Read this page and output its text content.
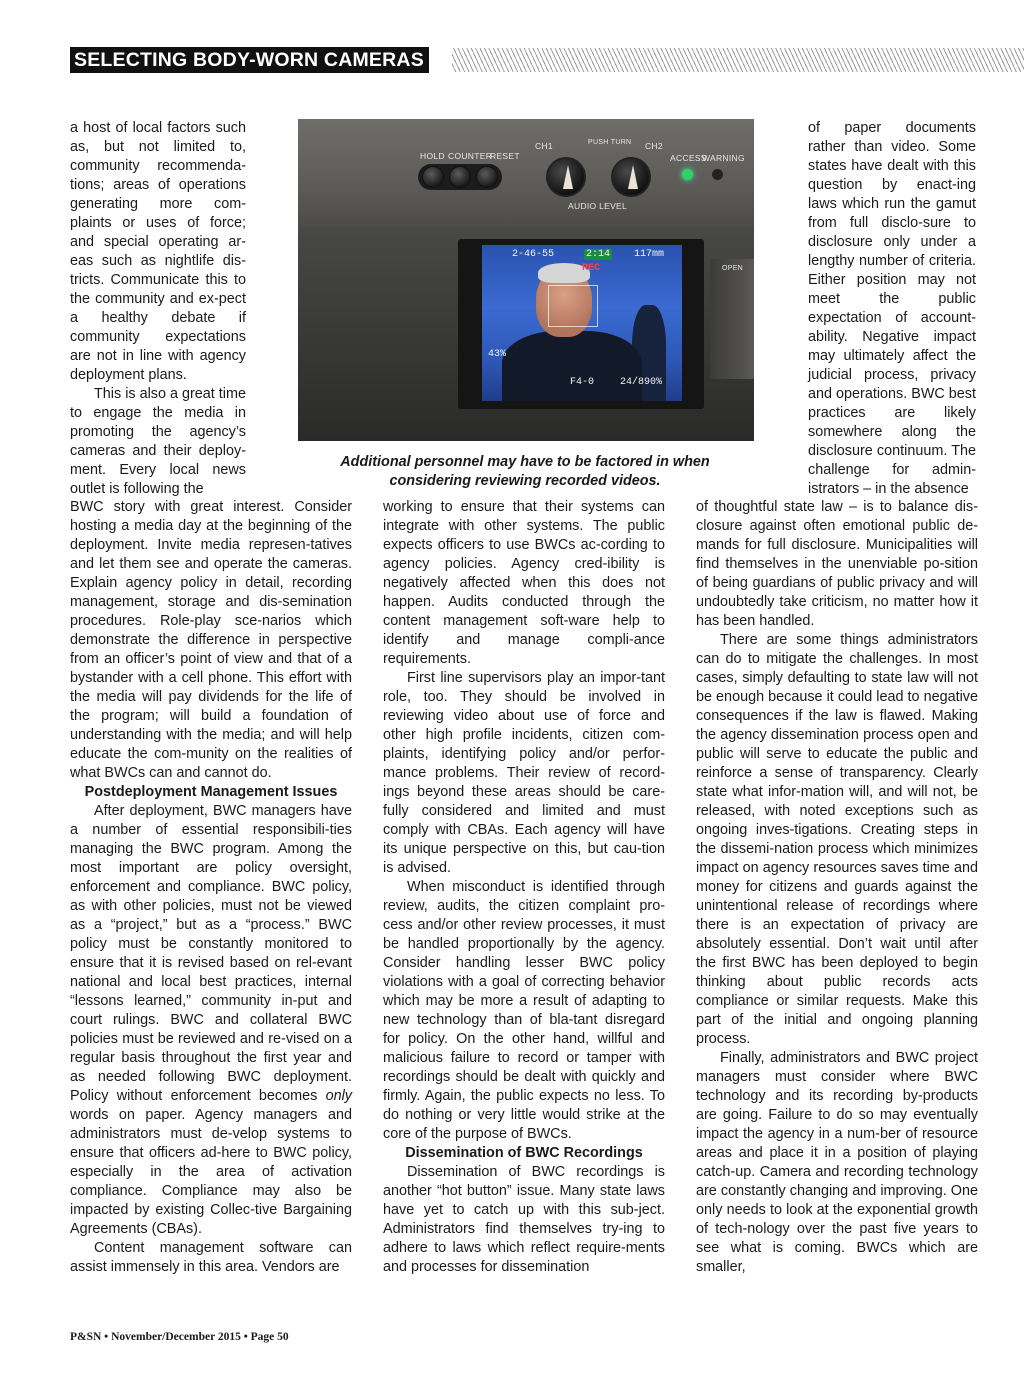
SELECTING BODY-WORN CAMERAS

a host of local factors such as, but not limited to, community recommenda-tions; areas of operations generating more com-plaints or uses of force; and special operating ar-eas such as nightlife dis-tricts. Communicate this to the community and ex-pect a healthy debate if community expectations are not in line with agency deployment plans.

This is also a great time to engage the media in promoting the agency’s cameras and their deploy-ment. Every local news outlet is following the

HOLD COUNTER
RESET
CH1	PUSH TURN CH2
AUDIO LEVEL
ACCESS
WARNING
2-46-55	2:14 117mm
REC
43%
F4-0	24/890%
OPEN
Additional personnel may have to be factored in when considering reviewing recorded videos.

BWC story with great interest. Consider hosting a media day at the beginning of the deployment. Invite media represen-tatives and let them see and operate the cameras. Explain agency policy in detail, recording management, storage and dis-semination procedures. Role-play sce-narios which demonstrate the difference in perspective from an officer’s point of view and that of a bystander with a cell phone. This effort with the media will pay dividends for the life of the program; will build a foundation of understanding with the media; and will help educate the com-munity on the realities of what BWCs can and cannot do.

Postdeployment Management Issues

After deployment, BWC managers have a number of essential responsibili-ties managing the BWC program. Among the most important are policy oversight, enforcement and compliance. BWC policy, as with other policies, must not be viewed as a “project,” but as a “process.” BWC policy must be constantly monitored to ensure that it is revised based on rel-evant national and local best practices, internal “lessons learned,” community in-put and court rulings. BWC and collateral BWC policies must be reviewed and re-vised on a regular basis throughout the first year and as needed following BWC deployment. Policy without enforcement becomes only words on paper. Agency managers and administrators must de-velop systems to ensure that officers ad-here to BWC policy, especially in the area of activation compliance. Compliance may also be impacted by existing Collec-tive Bargaining Agreements (CBAs).

Content management software can assist immensely in this area. Vendors are

working to ensure that their systems can integrate with other systems. The public expects officers to use BWCs ac-cording to agency policies. Agency cred-ibility is negatively affected when this does not happen. Audits conducted through the content management soft-ware help to identify and manage compli-ance requirements.

First line supervisors play an impor-tant role, too. They should be involved in reviewing video about use of force and other high profile incidents, citizen com-plaints, identifying policy and/or perfor-mance problems. Their review of record-ings beyond these areas should be care-fully considered and limited and must comply with CBAs. Each agency will have its unique perspective on this, but cau-tion is advised.

When misconduct is identified through review, audits, the citizen complaint pro-cess and/or other review processes, it must be handled proportionally by the agency. Consider handling lesser BWC policy violations with a goal of correcting behavior which may be more a result of adapting to new technology than of bla-tant disregard for policy. On the other hand, willful and malicious failure to record or tamper with recordings should be dealt with quickly and firmly. Again, the public expects no less. To do nothing or very little would strike at the core of the purpose of BWCs.

Dissemination of BWC Recordings

Dissemination of BWC recordings is another “hot button” issue. Many state laws have yet to catch up with this sub-ject. Administrators find themselves try-ing to adhere to laws which reflect require-ments and processes for dissemination

of paper documents rather than video. Some states have dealt with this question by enact-ing laws which run the gamut from full disclo-sure to disclosure only under a lengthy number of criteria. Either position may not meet the public expectation of account-ability. Negative impact may ultimately affect the judicial process, privacy and operations. BWC best practices are likely somewhere along the disclosure continuum. The challenge for admin-istrators – in the absence

of thoughtful state law – is to balance dis-closure against often emotional public de-mands for full disclosure. Municipalities will find themselves in the unenviable po-sition of being guardians of public privacy and will undoubtedly take criticism, no matter how it has been handled.

There are some things administrators can do to mitigate the challenges. In most cases, simply defaulting to state law will not be enough because it could lead to negative consequences if the law is flawed. Making the agency dissemination process open and public will serve to educate the public and reinforce a sense of transparency. Clearly state what infor-mation will, and will not, be released, with noted exceptions such as ongoing inves-tigations. Creating steps in the dissemi-nation process which minimizes impact on agency resources saves time and money for citizens and guards against the unintentional release of recordings where there is an expectation of privacy are absolutely essential. Don’t wait until after the first BWC has been deployed to begin thinking about public records acts compliance or similar requests. Make this part of the initial and ongoing planning process.

Finally, administrators and BWC project managers must consider where BWC technology and its recording by-products are going. Failure to do so may eventually impact the agency in a num-ber of resource areas and place it in a position of playing catch-up. Camera and recording technology are constantly changing and improving. One only needs to look at the exponential growth of tech-nology over the past five years to see what is coming. BWCs which are smaller,

P&SN • November/December 2015 • Page 50
